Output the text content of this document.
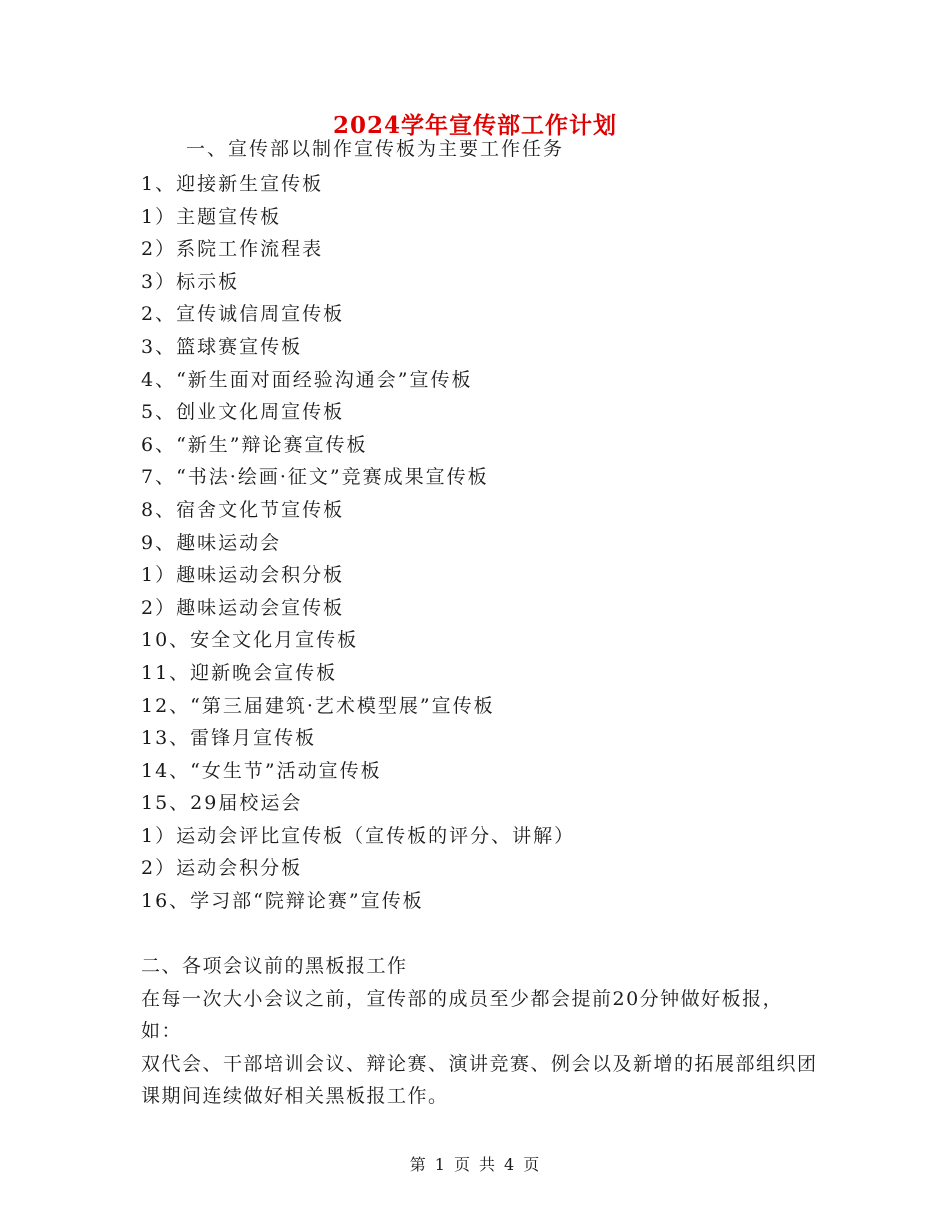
2024学年宣传部工作计划
一、宣传部以制作宣传板为主要工作任务
1、迎接新生宣传板
1）主题宣传板
2）系院工作流程表
3）标示板
2、宣传诚信周宣传板
3、篮球赛宣传板
4、“新生面对面经验沟通会”宣传板
5、创业文化周宣传板
6、“新生”辩论赛宣传板
7、“书法·绘画·征文”竞赛成果宣传板
8、宿舍文化节宣传板
9、趣味运动会
1）趣味运动会积分板
2）趣味运动会宣传板
10、安全文化月宣传板
11、迎新晚会宣传板
12、“第三届建筑·艺术模型展”宣传板
13、雷锋月宣传板
14、“女生节”活动宣传板
15、29届校运会
1）运动会评比宣传板（宣传板的评分、讲解）
2）运动会积分板
16、学习部“院辩论赛”宣传板

二、各项会议前的黑板报工作

在每一次大小会议之前，宣传部的成员至少都会提前20分钟做好板报，如：

双代会、干部培训会议、辩论赛、演讲竞赛、例会以及新增的拓展部组织团课期间连续做好相关黑板报工作。

第 1 页 共 4 页
